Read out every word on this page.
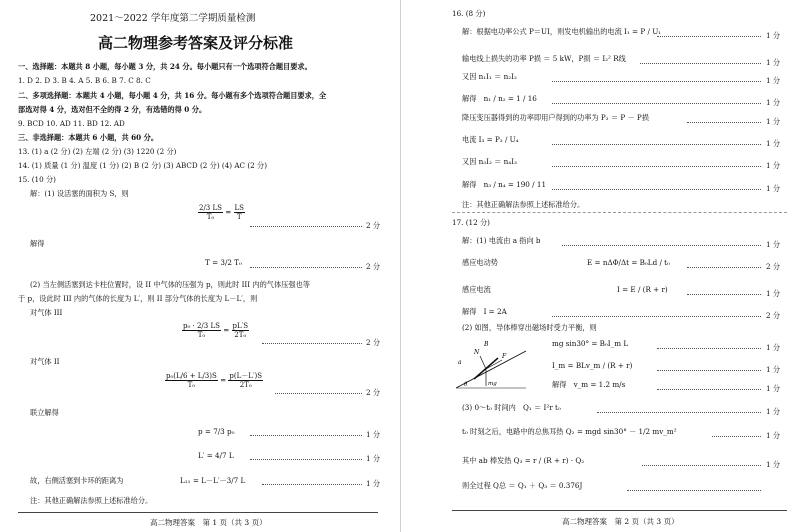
2021～2022 学年度第二学期质量检测
高二物理参考答案及评分标准
一、选择题：本题共 8 小题，每小题 3 分，共 24 分。每小题只有一个选项符合题目要求。
1. D 2. D 3. B 4. A 5. B 6. B 7. C 8. C
二、多项选择题：本题共 4 小题，每小题 4 分，共 16 分。每小题有多个选项符合题目要求，全
部选对得 4 分，选对但不全的得 2 分，有选错的得 0 分。
9. BCD 10. AD 11. BD 12. AD
三、非选择题：本题共 6 小题，共 60 分。
13. (1) a (2 分) (2) 左端 (2 分) (3) 1220 (2 分)
14. (1) 质量 (1 分) 温度 (1 分) (2) B (2 分) (3) ABCD (2 分) (4) AC (2 分)
15. (10 分)
解：(1) 设活塞的面积为 S，则
$\frac{2/3 LS}{\text{T₀}} = \frac{LS}{T}$
2 分
解得
T = 3/2 T₀	2 分
(2) 当左侧活塞到达卡柱位置时，设 II 中气体的压强为 p，则此时 III 内的气体压强也等
于 p，设此时 III 内的气体的长度为 L′，则 II 部分气体的长度为 L－L′，则
对气体 III
$\frac{\text{p₀ · 2/3 LS}}{\text{T₀}} = \frac{pL'S}{\text{2T₀}}$
2 分
对气体 II
$\frac{\text{p₀(L/6 + L/3)S}}{\text{T₀}} = \frac{p(L-L')S}{\text{2T₀}}$
2 分
联立解得
p = 7/3 p₀	1 分
L′ = 4/7 L	1 分
故，右侧活塞到卡环的距离为	L₁₁ = L－L′－3/7 L	1 分
注：其他正确解法参照上述标准给分。
高二物理答案　第 1 页（共 3 页）
16. (8 分)
解：根据电功率公式 P＝UI，则发电机输出的电流 I₁ = P / U₁	1 分
输电线上损失的功率 P损 ＝ 5 kW，P损 ＝ I₂² R线	1 分
又因 n₁I₁ ＝ n₂I₂	1 分
解得　n₁ / n₂ = 1 / 16	1 分
降压变压器得到的功率即用户得到的功率为 P₃ ＝ P － P损	1 分
电流 I₃ = P₃ / U₄	1 分
又因 n₃I₂ ＝ n₄I₃	1 分
解得　n₃ / n₄ = 190 / 11	1 分
注：其他正确解法参照上述标准给分。
17. (12 分)
解：(1) 电流由 a 指向 b	1 分
感应电动势	E = nΔΦ/Δt = B₀Ld / t₀	2 分
感应电流	I = E / (R + r)	1 分
解得　I = 2A	2 分
(2) 如图，导体棒穿出磁场时受力平衡，则
a
B
F
N
mg
θ
mg sin30° = B₀I_m L	1 分
I_m = BLv_m / (R + r)	1 分
解得　v_m = 1.2 m/s	1 分
(3) 0～t₀ 时间内　Q₁ ＝ I²r t₀	1 分
t₀ 时刻之后，电路中的总焦耳热 Q₂ = mgd sin30° － 1/2 mv_m²	1 分
其中 ab 棒发热 Q₃ = r / (R + r) · Q₂	1 分
则全过程 Q总 ＝ Q₁ ＋ Q₃ ＝ 0.376J
高二物理答案　第 2 页（共 3 页）
